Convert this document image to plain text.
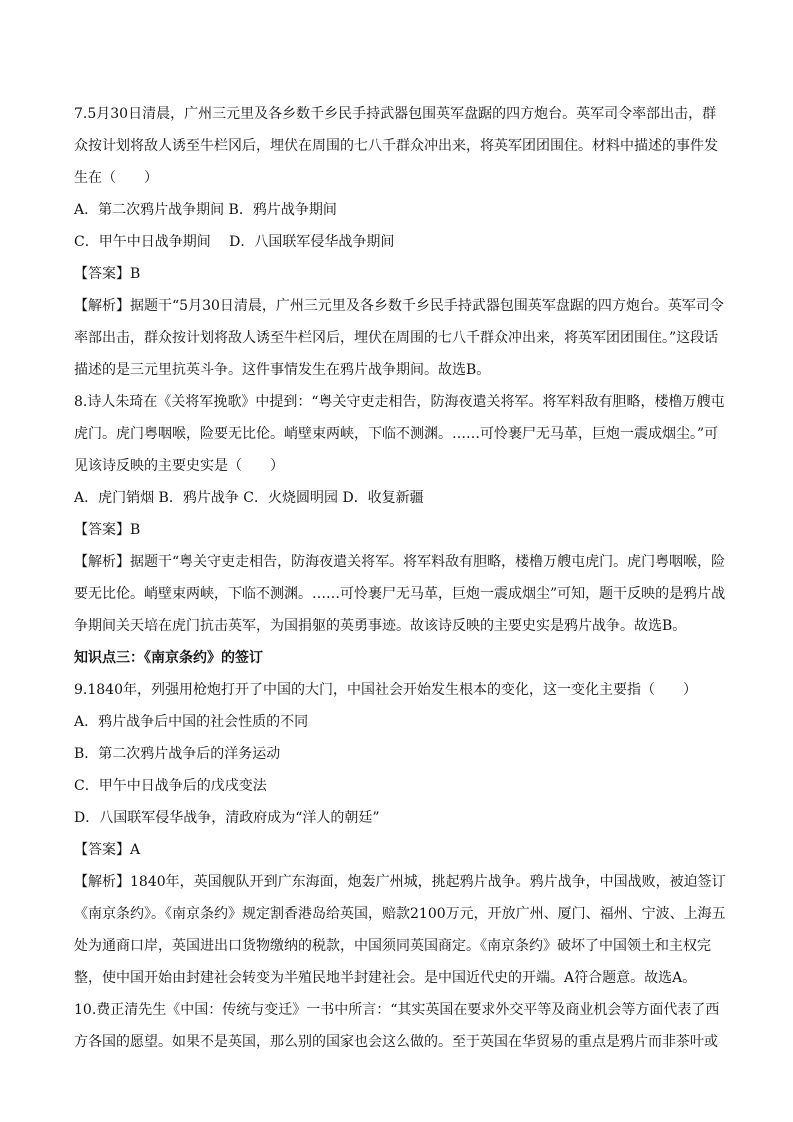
7.5月30日清晨，广州三元里及各乡数千乡民手持武器包围英军盘踞的四方炮台。英军司令率部出击，群众按计划将敌人诱至牛栏冈后，埋伏在周围的七八千群众冲出来，将英军团团围住。材料中描述的事件发生在（　　）

A．第二次鸦片战争期间 B．鸦片战争期间

C．甲午中日战争期间　 D．八国联军侵华战争期间

【答案】B

【解析】据题干“5月30日清晨，广州三元里及各乡数千乡民手持武器包围英军盘踞的四方炮台。英军司令率部出击，群众按计划将敌人诱至牛栏冈后，埋伏在周围的七八千群众冲出来，将英军团团围住。”这段话描述的是三元里抗英斗争。这件事情发生在鸦片战争期间。故选B。

8.诗人朱琦在《关将军挽歌》中提到：“粤关守吏走相告，防海夜遣关将军。将军料敌有胆略，楼橹万艘屯虎门。虎门粤咽喉，险要无比伦。峭壁束两峡，下临不测渊。……可怜裹尸无马革，巨炮一震成烟尘。”可见该诗反映的主要史实是（　　）

A．虎门销烟 B．鸦片战争 C．火烧圆明园 D．收复新疆

【答案】B

【解析】据题干“粤关守吏走相告，防海夜遣关将军。将军料敌有胆略，楼橹万艘屯虎门。虎门粤咽喉，险要无比伦。峭壁束两峡，下临不测渊。……可怜裹尸无马革，巨炮一震成烟尘”可知，题干反映的是鸦片战争期间关天培在虎门抗击英军，为国捐躯的英勇事迹。故该诗反映的主要史实是鸦片战争。故选B。

知识点三：《南京条约》的签订

9.1840年，列强用枪炮打开了中国的大门，中国社会开始发生根本的变化，这一变化主要指（　　）

A．鸦片战争后中国的社会性质的不同

B．第二次鸦片战争后的洋务运动

C．甲午中日战争后的戊戌变法

D．八国联军侵华战争，清政府成为“洋人的朝廷”

【答案】A

【解析】1840年，英国舰队开到广东海面，炮轰广州城，挑起鸦片战争。鸦片战争，中国战败，被迫签订《南京条约》。《南京条约》规定割香港岛给英国，赔款2100万元，开放广州、厦门、福州、宁波、上海五处为通商口岸，英国进出口货物缴纳的税款，中国须同英国商定。《南京条约》破坏了中国领土和主权完整，使中国开始由封建社会转变为半殖民地半封建社会。是中国近代史的开端。A符合题意。故选A。

10.费正清先生《中国：传统与变迁》一书中所言：“其实英国在要求外交平等及商业机会等方面代表了西方各国的愿望。如果不是英国，那么别的国家也会这么做的。至于英国在华贸易的重点是鸦片而非茶叶或
